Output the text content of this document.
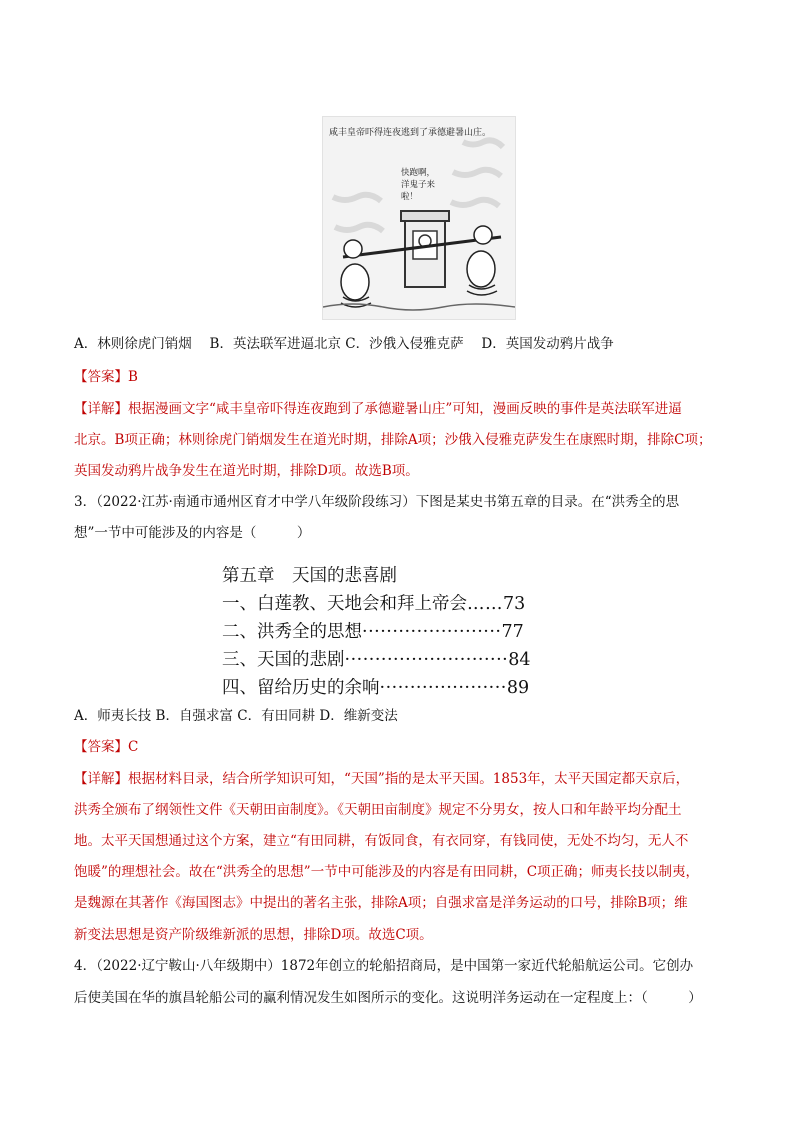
咸丰皇帝吓得连夜逃到了承德避暑山庄。
快跑啊，洋鬼子来啦！
A．林则徐虎门销烟　 B．英法联军进逼北京 C．沙俄入侵雅克萨　 D．英国发动鸦片战争
【答案】B
【详解】根据漫画文字“咸丰皇帝吓得连夜跑到了承德避暑山庄”可知，漫画反映的事件是英法联军进逼
北京。B项正确；林则徐虎门销烟发生在道光时期，排除A项；沙俄入侵雅克萨发生在康熙时期，排除C项；
英国发动鸦片战争发生在道光时期，排除D项。故选B项。
3．（2022·江苏·南通市通州区育才中学八年级阶段练习）下图是某史书第五章的目录。在“洪秀全的思
想”一节中可能涉及的内容是（　　　）
第五章　天国的悲喜剧
一、 白莲教、天地会和拜上帝会 …… 73
二、 洪秀全的思想 ······················· 77
三、 天国的悲剧 ··························· 84
四、 留给历史的余响 ····················· 89
A．师夷长技 B．自强求富 C．有田同耕 D．维新变法
【答案】C
【详解】根据材料目录，结合所学知识可知，“天国”指的是太平天国。1853年，太平天国定都天京后，
洪秀全颁布了纲领性文件《天朝田亩制度》。《天朝田亩制度》规定不分男女，按人口和年龄平均分配土
地。太平天国想通过这个方案，建立“有田同耕，有饭同食，有衣同穿，有钱同使，无处不均匀，无人不
饱暖”的理想社会。故在“洪秀全的思想”一节中可能涉及的内容是有田同耕，C项正确；师夷长技以制夷，
是魏源在其著作《海国图志》中提出的著名主张，排除A项；自强求富是洋务运动的口号，排除B项；维
新变法思想是资产阶级维新派的思想，排除D项。故选C项。
4．（2022·辽宁鞍山·八年级期中）1872年创立的轮船招商局，是中国第一家近代轮船航运公司。它创办
后使美国在华的旗昌轮船公司的赢利情况发生如图所示的变化。这说明洋务运动在一定程度上：（　　　）
